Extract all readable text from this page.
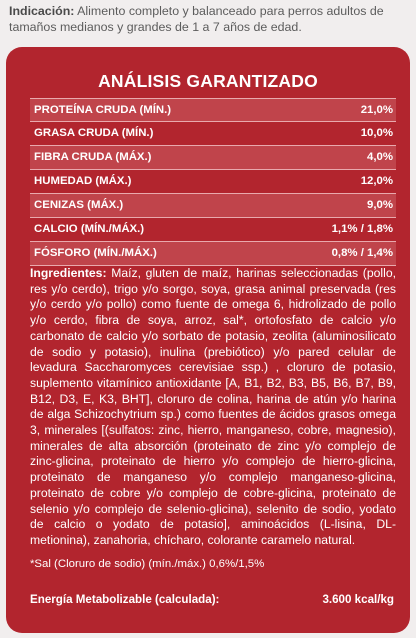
Indicación: Alimento completo y balanceado para perros adultos de tamaños medianos y grandes de 1 a 7 años de edad.
ANÁLISIS GARANTIZADO
PROTEÍNA CRUDA (MÍN.)	21,0%
GRASA CRUDA (MÍN.)	10,0%
FIBRA CRUDA (MÁX.)	4,0%
HUMEDAD (MÁX.)	12,0%
CENIZAS (MÁX.)	9,0%
CALCIO (MÍN./MÁX.)	1,1% / 1,8%
FÓSFORO (MÍN./MÁX.)	0,8% / 1,4%
Ingredientes: Maíz, gluten de maíz, harinas seleccionadas (pollo, res y/o cerdo), trigo y/o sorgo, soya, grasa animal preservada (res y/o cerdo y/o pollo) como fuente de omega 6, hidrolizado de pollo y/o cerdo, fibra de soya, arroz, sal*, ortofosfato de calcio y/o carbonato de calcio y/o sorbato de potasio, zeolita (aluminosilicato de sodio y potasio), inulina (prebiótico) y/o pared celular de levadura Saccharomyces cerevisiae ssp.) , cloruro de potasio, suplemento vitamínico antioxidante [A, B1, B2, B3, B5, B6, B7, B9, B12, D3, E, K3, BHT], cloruro de colina, harina de atún y/o harina de alga Schizochytrium sp.) como fuentes de ácidos grasos omega 3, minerales [(sulfatos: zinc, hierro, manganeso, cobre, magnesio), minerales de alta absorción (proteinato de zinc y/o complejo de zinc-glicina, proteinato de hierro y/o complejo de hierro-glicina, proteinato de manganeso y/o complejo manganeso-glicina, proteinato de cobre y/o complejo de cobre-glicina, proteinato de selenio y/o complejo de selenio-glicina), selenito de sodio, yodato de calcio o yodato de potasio], aminoácidos (L-lisina, DL-metionina), zanahoria, chícharo, colorante caramelo natural.
*Sal (Cloruro de sodio) (mín./máx.) 0,6%/1,5%
Energía Metabolizable (calculada):	3.600 kcal/kg
